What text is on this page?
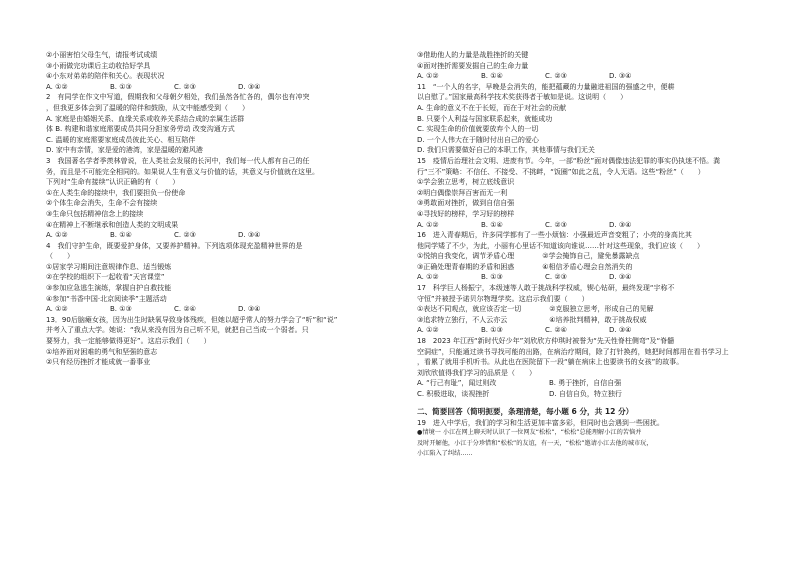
②小丽害怕父母生气，请报考试成绩
③小雨做完功课后主动收拾好学具
④小东对弟弟的陪伴和关心。表现状况
A. ①②	B. ①③	C. ②③	D. ③④
2　有同学在作文中写道，假期我和父母朝夕相处，我们虽然各忙各的，偶尔也有冲突
，但我更多体会到了温暖的陪伴和鼓励，从文中能感受到（　　）
A. 家庭是由婚姻关系、血缘关系或收养关系结合成的亲属生活群
体 B. 构建和谐家庭需要成员共同分担家务劳动 改变沟通方式
C. 温暖的家庭需要家庭成员彼此关心、相互陪伴
D. 家中有亲情，家是爱的港湾，家是温暖的避风港
3　我国著名学者季羡林曾说，在人类社会发展的长河中，我们每一代人都有自己的任
务，而且是不可能完全相同的。如果说人生有意义与价值的话，其意义与价值就在这里。
下列对“生命有接续”认识正确的有（　　）
①在人类生命的接续中，我们要担负一份使命
②个体生命会消失，生命不会有接续
③生命只包括精神信念上的接续
④在精神上不断继承和创造人类的文明成果
A. ①②	B. ①④	C. ②③	D. ③④
4　我们守护生命，既要爱护身体，又要养护精神。下列选项体现充盈精神世界的是
（　　）
①居家学习期间注意规律作息、适当锻炼
②在学校的组织下一起收看“天宫课堂”
③参加应急逃生演练，掌握自护自救技能
④参加“书香中国·北京阅读季”主题活动
A. ①②	B. ①③	C. ②④	D. ③④
13．90后脑瘫女孩，因为出生时缺氧导致身体残疾，但她以超乎常人的努力学会了“听”和“说”
并考入了重点大学。她说：“我从来没有因为自己听不见，就把自己当成一个弱者。只
要努力，我一定能够做得更好”。这启示我们（　　）
①培养面对困难的勇气和坚强的意志
②只有经历挫折才能成就一番事业
③借助他人的力量是战胜挫折的关键
④面对挫折需要发掘自己的生命力量
A. ①②	B. ①④	C. ②③	D. ③④
11　“一个人的名字，早晚是会消失的，能把蕴藏的力量融进祖国的强盛之中，便耕
以自慰了。”国家最高科学技术奖获得者于敏如是说。这说明（　　）
A. 生命的意义不在于长短，而在于对社会的贡献
B. 只要个人利益与国家联系起来，就能成功
C. 实现生命的价值就要放弃个人的一切
D. 一个人伟大在于随时付出自己的爱心
D. 我们只需要做好自己的本职工作，其他事情与我们无关
15　疫情后治理社会文明、进废有节。今年，一部“粉丝”面对偶像违法犯罪的事实仍执迷不悟。粪
行“三不”策略：不信任、不接受、不挑衅，“饭圈”如此之乱，令人无语。这些“粉丝”（　　）
①学会独立思考，树立底线意识
②明白偶像崇拜百害而无一利
③勇敢面对挫折，做到自信自强
④寻找好的榜样，学习好的榜样
A. ①②	B. ①④	C. ②③	D. ③④
16　进入青春期后，许多同学都有了一些小烦恼：小强最近声音变粗了；小亮的身高比其
他同学矮了不少，为此，小丽有心里话不知道该向谁说……针对这些现象，我们应该（　　）
①悦纳自我变化，调节矛盾心理　　　　②学会掩饰自己，避免暴露缺点
③正确处理青春期的矛盾和困惑　　　　④相信矛盾心理会自然消失的
A. ①②	B. ①③	C. ②③	D. ③④
17　科学巨人杨振宁，本级速等人敢于挑战科学权威，锲心钻研，最终发现“宇称不
守恒”并被授予诺贝尔物理学奖。这启示我们要（　　）
①表达不同观点，就应该否定一切　　　　②克服独立思考，形成自己的见解
③追求特立独行，不人云亦云　　　　　　④培养批判精神，敢于挑战权威
A. ①②	B. ①③	C. ②④	D. ③④
18　2023 年江西“新时代好少年”刘欣欣方仲琪时被誉为“先天性脊柱侧弯”及“脊髓
空洞症”，只能通过读书寻找可能的出路，在病治疗期间，除了打针换药，她把时间都用在看书学习上
，看累了就用手机听书。从此也在医院留下一段“躺在病床上也要读书的女孩”的故事。
刘欣欣值得我们学习的品质是（　　）
A. “行己有耻”，闻过则改	B. 勇于挫折，自信自强
C. 积极进取，谈视挫折	D. 自信自负，特立独行
二、简要回答（简明扼要，条理清楚，每小题 6 分，共 12 分）
19　进入中学后，我们的学习和生活更加丰富多彩，但同时也会遇到一些困扰。
●情境一 小江在网上聊天时认识了一位网友“松松”，“松松”总能理解小江的苦恼并
及时开解他，小江于分珍惜和“松松”的友谊，有一天，“松松”邀请小江去他的城市玩，
小江陷入了纠结……
